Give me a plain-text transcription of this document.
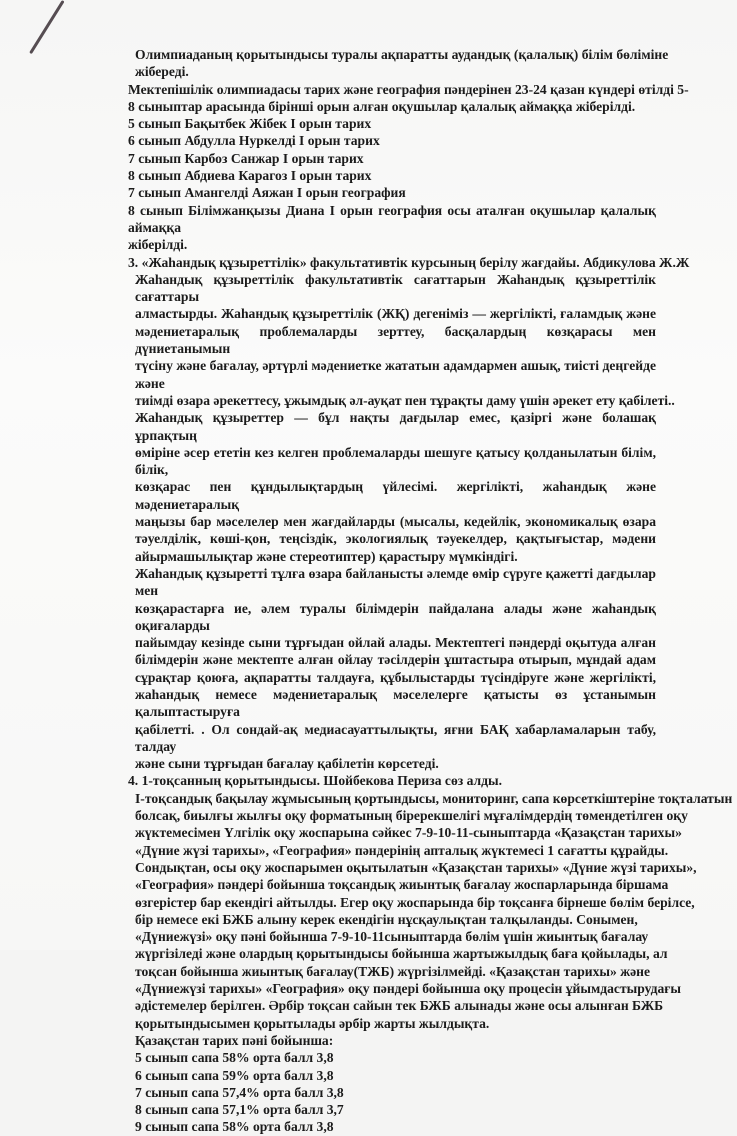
Олимпиаданың қорытындысы туралы ақпаратты аудандық (қалалық) білім бөліміне
жібереді.
Мектепішілік олимпиадасы тарих және география пәндерінен 23-24 қазан күндері өтілді 5-
8 сыныптар арасында бірінші орын алған оқушылар қалалық аймаққа жіберілді.
5 сынып Бақытбек Жібек I орын тарих
6 сынып Абдулла Нуркелді I орын тарих
7 сынып Карбоз Санжар I орын тарих
8 сынып Абдиева Карагоз I орын тарих
7 сынып Амангелді Аяжан I орын география
8 сынып Білімжанқызы Диана I орын география осы аталған оқушылар қалалық аймаққа
жіберілді.
3. «Жаһандық құзыреттілік» факультативтік курсының берілу жағдайы. Абдикулова Ж.Ж
Жаһандық құзыреттілік факультативтік сағаттарын Жаһандық құзыреттілік сағаттары
алмастырды. Жаһандық құзыреттілік (ЖҚ) дегеніміз — жергілікті, ғаламдық және
мәдениетаралық проблемаларды зерттеу, басқалардың көзқарасы мен дүниетанымын
түсіну және бағалау, әртүрлі мәдениетке жататын адамдармен ашық, тиісті деңгейде және
тиімді өзара әрекеттесу, ұжымдық әл-ауқат пен тұрақты даму үшін әрекет ету қабілеті..
Жаһандық құзыреттер — бұл нақты дағдылар емес, қазіргі және болашақ ұрпақтың
өміріне әсер ететін кез келген проблемаларды шешуге қатысу қолданылатын білім, білік,
көзқарас пен құндылықтардың үйлесімі. жергілікті, жаһандық және мәдениетаралық
маңызы бар мәселелер мен жағдайларды (мысалы, кедейлік, экономикалық өзара
тәуелділік, көші-қон, теңсіздік, экологиялық тәуекелдер, қақтығыстар, мәдени
айырмашылықтар және стереотиптер) қарастыру мүмкіндігі.
Жаһандық құзыретті тұлға өзара байланысты әлемде өмір сүруге қажетті дағдылар мен
көзқарастарға ие, әлем туралы білімдерін пайдалана алады және жаһандық оқиғаларды
пайымдау кезінде сыни тұрғыдан ойлай алады. Мектептегі пәндерді оқытуда алған
білімдерін және мектепте алған ойлау тәсілдерін ұштастыра отырып, мұндай адам
сұрақтар қоюға, ақпаратты талдауға, құбылыстарды түсіндіруге және жергілікті,
жаһандық немесе мәдениетаралық мәселелерге қатысты өз ұстанымын қалыптастыруға
қабілетті. . Ол сондай-ақ медиасауаттылықты, яғни БАҚ хабарламаларын табу, талдау
және сыни тұрғыдан бағалау қабілетін көрсетеді.
4. 1-тоқсанның қорытындысы. Шойбекова Периза сөз алды.
I-тоқсандық бақылау жұмысының қортындысы, мониторинг, сапа көрсеткіштеріне тоқталатын
болсақ, биылғы жылғы оқу форматының біререкшелігі мұғалімдердің төмендетілген оқу
жүктемесімен Үлгілік оқу жоспарына сәйкес 7-9-10-11-сыныптарда «Қазақстан тарихы»
«Дүние жүзі тарихы», «География» пәндерінің апталық жүктемесі 1 сағатты құрайды.
Сондықтан, осы оқу жоспарымен оқытылатын «Қазақстан тарихы» «Дүние жүзі тарихы»,
«География» пәндері бойынша тоқсандық жиынтық бағалау жоспарларында біршама
өзгерістер бар екендігі айтылды. Егер оқу жоспарында бір тоқсанға бірнеше бөлім берілсе,
бір немесе екі БЖБ алыну керек екендігін нұсқаулықтан талқыланды. Сонымен,
«Дүниежүзі» оқу пәні бойынша 7-9-10-11сыныптарда бөлім үшін жиынтық бағалау
жүргізіледі және олардың қорытындысы бойынша жартыжылдық баға қойылады, ал
тоқсан бойынша жиынтық бағалау(ТЖБ) жүргізілмейді. «Қазақстан тарихы» және
«Дүниежүзі тарихы» «География» оқу пәндері бойынша оқу процесін ұйымдастырудағы
әдістемелер берілген. Әрбір тоқсан сайын тек БЖБ алынады және осы алынған БЖБ
қорытындысымен қорытылады әрбір жарты жылдықта.
Қазақстан тарих пәні бойынша:
5 сынып сапа 58% орта балл 3,8
6 сынып сапа 59% орта балл 3,8
7 сынып сапа 57,4% орта балл 3,8
8 сынып сапа 57,1% орта балл 3,7
9 сынып сапа 58% орта балл 3,8
